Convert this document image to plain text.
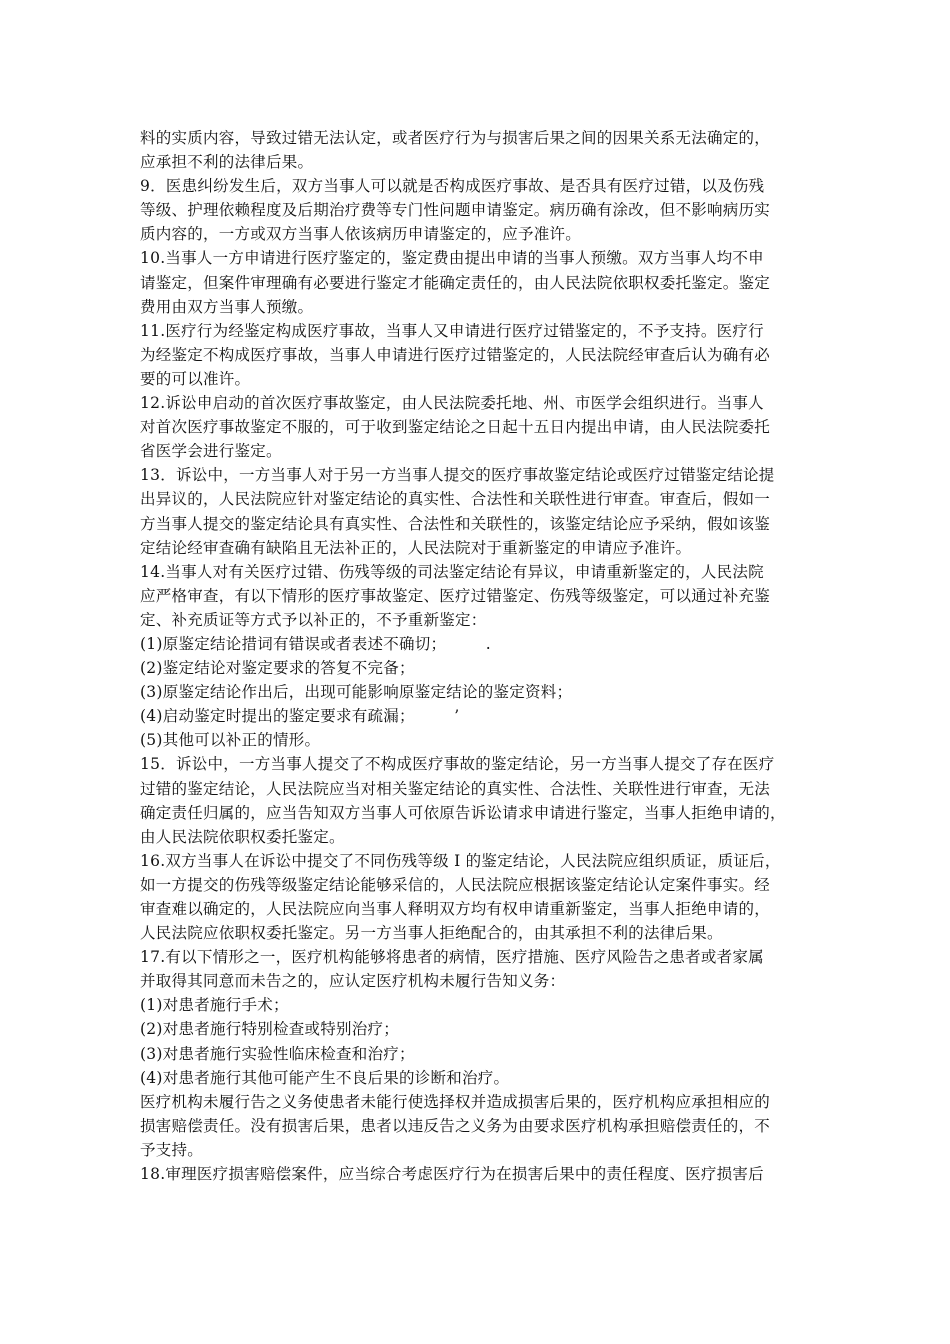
料的实质内容，导致过错无法认定，或者医疗行为与损害后果之间的因果关系无法确定的，
应承担不利的法律后果。
9．医患纠纷发生后，双方当事人可以就是否构成医疗事故、是否具有医疗过错，以及伤残
等级、护理依赖程度及后期治疗费等专门性问题申请鉴定。病历确有涂改，但不影响病历实
质内容的，一方或双方当事人依该病历申请鉴定的，应予准许。
10.当事人一方申请进行医疗鉴定的，鉴定费由提出申请的当事人预缴。双方当事人均不申
请鉴定，但案件审理确有必要进行鉴定才能确定责任的，由人民法院依职权委托鉴定。鉴定
费用由双方当事人预缴。
11.医疗行为经鉴定构成医疗事故，当事人又申请进行医疗过错鉴定的，不予支持。医疗行
为经鉴定不构成医疗事故，当事人申请进行医疗过错鉴定的，人民法院经审查后认为确有必
要的可以准许。
12.诉讼申启动的首次医疗事故鉴定，由人民法院委托地、州、市医学会组织进行。当事人
对首次医疗事故鉴定不服的，可于收到鉴定结论之日起十五日内提出申请，由人民法院委托
省医学会进行鉴定。
13．诉讼中，一方当事人对于另一方当事人提交的医疗事故鉴定结论或医疗过错鉴定结论提
出异议的，人民法院应针对鉴定结论的真实性、合法性和关联性进行审查。审查后，假如一
方当事人提交的鉴定结论具有真实性、合法性和关联性的，该鉴定结论应予采纳，假如该鉴
定结论经审查确有缺陷且无法补正的，人民法院对于重新鉴定的申请应予准许。
14.当事人对有关医疗过错、伤残等级的司法鉴定结论有异议，申请重新鉴定的，人民法院
应严格审查，有以下情形的医疗事故鉴定、医疗过错鉴定、伤残等级鉴定，可以通过补充鉴
定、补充质证等方式予以补正的，不予重新鉴定：
(1)原鉴定结论措词有错误或者表述不确切；　　　.
(2)鉴定结论对鉴定要求的答复不完备；
(3)原鉴定结论作出后，出现可能影响原鉴定结论的鉴定资料；
(4)启动鉴定时提出的鉴定要求有疏漏；　　　’
(5)其他可以补正的情形。
15．诉讼中，一方当事人提交了不构成医疗事故的鉴定结论，另一方当事人提交了存在医疗
过错的鉴定结论，人民法院应当对相关鉴定结论的真实性、合法性、关联性进行审查，无法
确定责任归属的，应当告知双方当事人可依原告诉讼请求申请进行鉴定，当事人拒绝申请的，
由人民法院依职权委托鉴定。
16.双方当事人在诉讼中提交了不同伤残等级 I 的鉴定结论，人民法院应组织质证，质证后，
如一方提交的伤残等级鉴定结论能够采信的，人民法院应根据该鉴定结论认定案件事实。经
审查难以确定的，人民法院应向当事人释明双方均有权申请重新鉴定，当事人拒绝申请的，
人民法院应依职权委托鉴定。另一方当事人拒绝配合的，由其承担不利的法律后果。
17.有以下情形之一，医疗机构能够将患者的病情，医疗措施、医疗风险告之患者或者家属
并取得其同意而未告之的，应认定医疗机构未履行告知义务：
(1)对患者施行手术；
(2)对患者施行特别检查或特别治疗；
(3)对患者施行实验性临床检查和治疗；
(4)对患者施行其他可能产生不良后果的诊断和治疗。
医疗机构未履行告之义务使患者未能行使选择权并造成损害后果的，医疗机构应承担相应的
损害赔偿责任。没有损害后果，患者以违反告之义务为由要求医疗机构承担赔偿责任的，不
予支持。
18.审理医疗损害赔偿案件，应当综合考虑医疗行为在损害后果中的责任程度、医疗损害后
